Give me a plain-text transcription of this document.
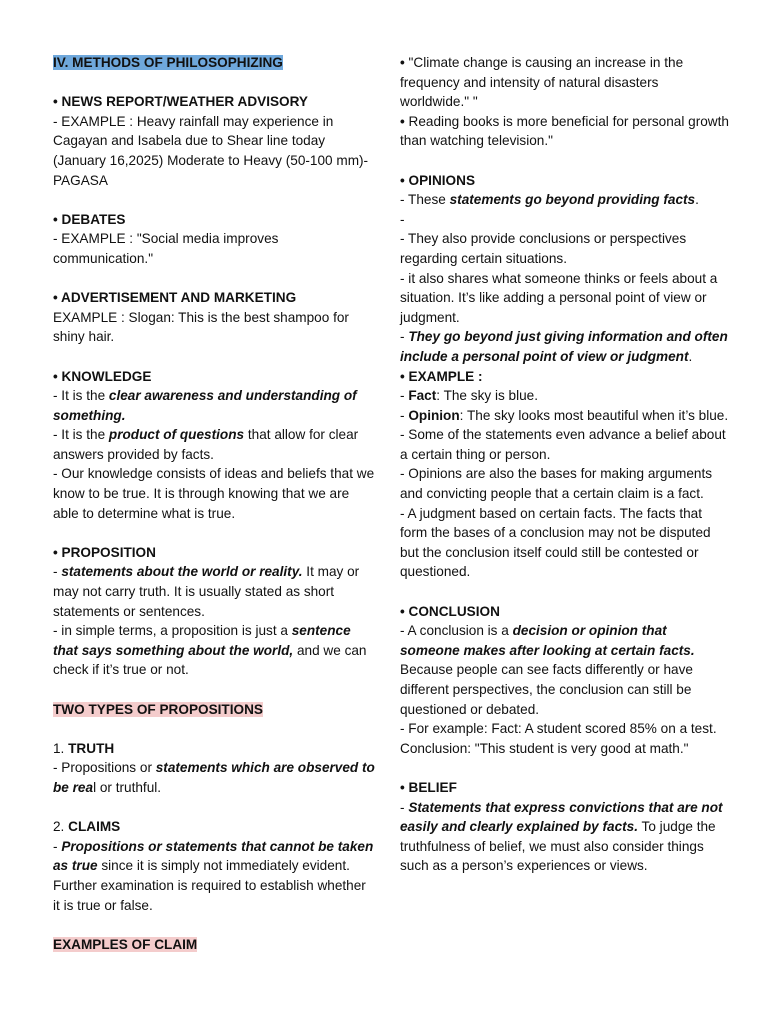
IV. METHODS OF PHILOSOPHIZING

• NEWS REPORT/WEATHER ADVISORY

- EXAMPLE : Heavy rainfall may experience in Cagayan and Isabela due to Shear line today (January 16,2025) Moderate to Heavy (50-100 mm)-PAGASA

• DEBATES

- EXAMPLE : "Social media improves communication."

• ADVERTISEMENT AND MARKETING

EXAMPLE : Slogan: This is the best shampoo for shiny hair.

• KNOWLEDGE

- It is the clear awareness and understanding of something.

- It is the product of questions that allow for clear answers provided by facts.

- Our knowledge consists of ideas and beliefs that we know to be true. It is through knowing that we are able to determine what is true.

• PROPOSITION

- statements about the world or reality. It may or may not carry truth. It is usually stated as short statements or sentences.

- in simple terms, a proposition is just a sentence that says something about the world, and we can check if it’s true or not.

TWO TYPES OF PROPOSITIONS

1. TRUTH

- Propositions or statements which are observed to be real or truthful.

2. CLAIMS

- Propositions or statements that cannot be taken as true since it is simply not immediately evident. Further examination is required to establish whether it is true or false.

EXAMPLES OF CLAIM

• "Climate change is causing an increase in the frequency and intensity of natural disasters worldwide." "

• Reading books is more beneficial for personal growth than watching television."

• OPINIONS

- These statements go beyond providing facts.

-

- They also provide conclusions or perspectives regarding certain situations.

- it also shares what someone thinks or feels about a situation. It’s like adding a personal point of view or judgment.

- They go beyond just giving information and often include a personal point of view or judgment.

• EXAMPLE :

- Fact: The sky is blue.

- Opinion: The sky looks most beautiful when it’s blue.

- Some of the statements even advance a belief about a certain thing or person.

- Opinions are also the bases for making arguments and convicting people that a certain claim is a fact.

- A judgment based on certain facts. The facts that form the bases of a conclusion may not be disputed but the conclusion itself could still be contested or questioned.

• CONCLUSION

- A conclusion is a decision or opinion that someone makes after looking at certain facts. Because people can see facts differently or have different perspectives, the conclusion can still be questioned or debated.

- For example: Fact: A student scored 85% on a test. Conclusion: "This student is very good at math."

• BELIEF

- Statements that express convictions that are not easily and clearly explained by facts. To judge the truthfulness of belief, we must also consider things such as a person’s experiences or views.
